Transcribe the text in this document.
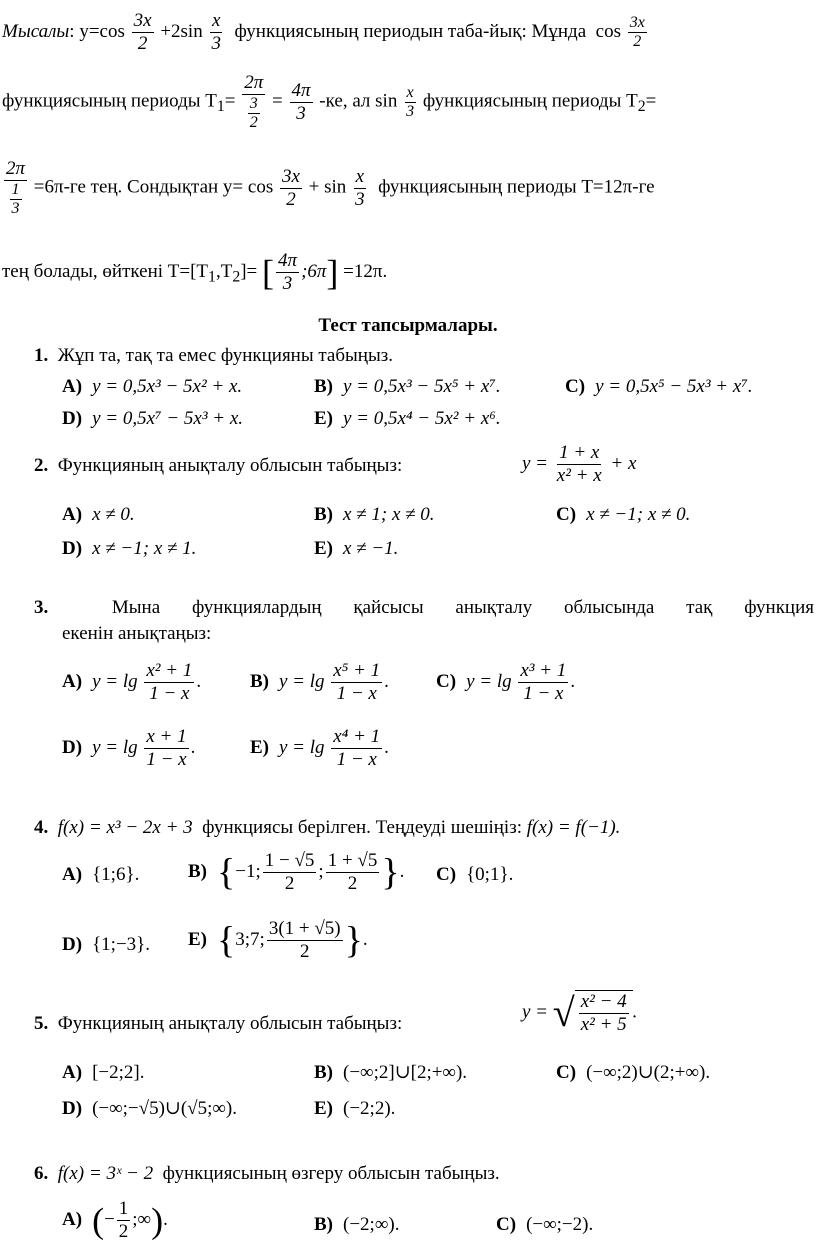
Мысалы: $y=\cos \frac{3x}{2} +2\sin \frac{x}{3}$ функциясының периодын таба-йық: Мұнда $\cos \frac{3x}{2}$
функциясының периоды $T_1= \frac{2\pi}{\frac{3}{2}} = \frac{4\pi}{3} -ке$, ал $\sin \frac{x}{3}$ функциясының периоды $T_2=$
$\frac{2\pi}{\frac{1}{3}} =6\pi-ге$ тең. Сондықтан $y= \cos \frac{3x}{2} + \sin \frac{x}{3}$ функциясының периоды T=12π-ге
тең болады, өйткені $T=[T_1,T_2]=$ [ $\frac{4\pi}{3}$ ;6π] =12π.
Тест тапсырмалары.
1. Жұп та, тақ та емес функцияны табыңыз.
A) y = 0,5x³ − 5x² + x.	B) y = 0,5x³ − 5x⁵ + x⁷.	C) y = 0,5x⁵ − 5x³ + x⁷.
D) y = 0,5x⁷ − 5x³ + x.	E) y = 0,5x⁴ − 5x² + x⁶.
2. Функцияның анықталу облысын табыңыз:	$y = \frac{1 + x}{\text{x² + x}} + x$
A) x ≠ 0.	B) x ≠ 1; x ≠ 0.	C) x ≠ −1; x ≠ 0.
D) x ≠ −1; x ≠ 1.	E) x ≠ −1.
3.	Мына функциялардың қайсысы анықталу облысында тақ функция
екенін анықтаңыз:
A) $y = \lg \frac{\text{x² + 1}}{1 - x}$ .	B) $y = \lg \frac{\text{x⁵ + 1}}{1 - x}$ . C) $y = \lg \frac{\text{x³ + 1}}{1 - x}$ .
D) $y = \lg \frac{x + 1}{1 - x}$ .	E) $y = \lg \frac{\text{x⁴ + 1}}{1 - x}$ .
4. f(x) = x³ − 2x + 3 функциясы берілген. Теңдеуді шешіңіз: f(x) = f(−1).
A) {1;6}.	B) {−1; $\frac{1 - √5}{2}$ ; $\frac{1 + √5}{2}$ }. C) {0;1}.
D) {1;−3}. E) {3;7; $\frac{3(1 + √5)}{2}$ }.
5. Функцияның анықталу облысын табыңыз:
y = √ $\frac{\text{x² − 4}}{\text{x² + 5}}$ .
A) [−2;2].	B) (−∞;2]∪[2;+∞).	C) (−∞;2)∪(2;+∞).
D) (−∞;−√5)∪(√5;∞).	E) (−2;2).
6. f(x) = 3ˣ − 2 функциясының өзгеру облысын табыңыз.
A) (− $\frac{1}{2}$ ;∞).	B) (−2;∞).	C) (−∞;−2).
